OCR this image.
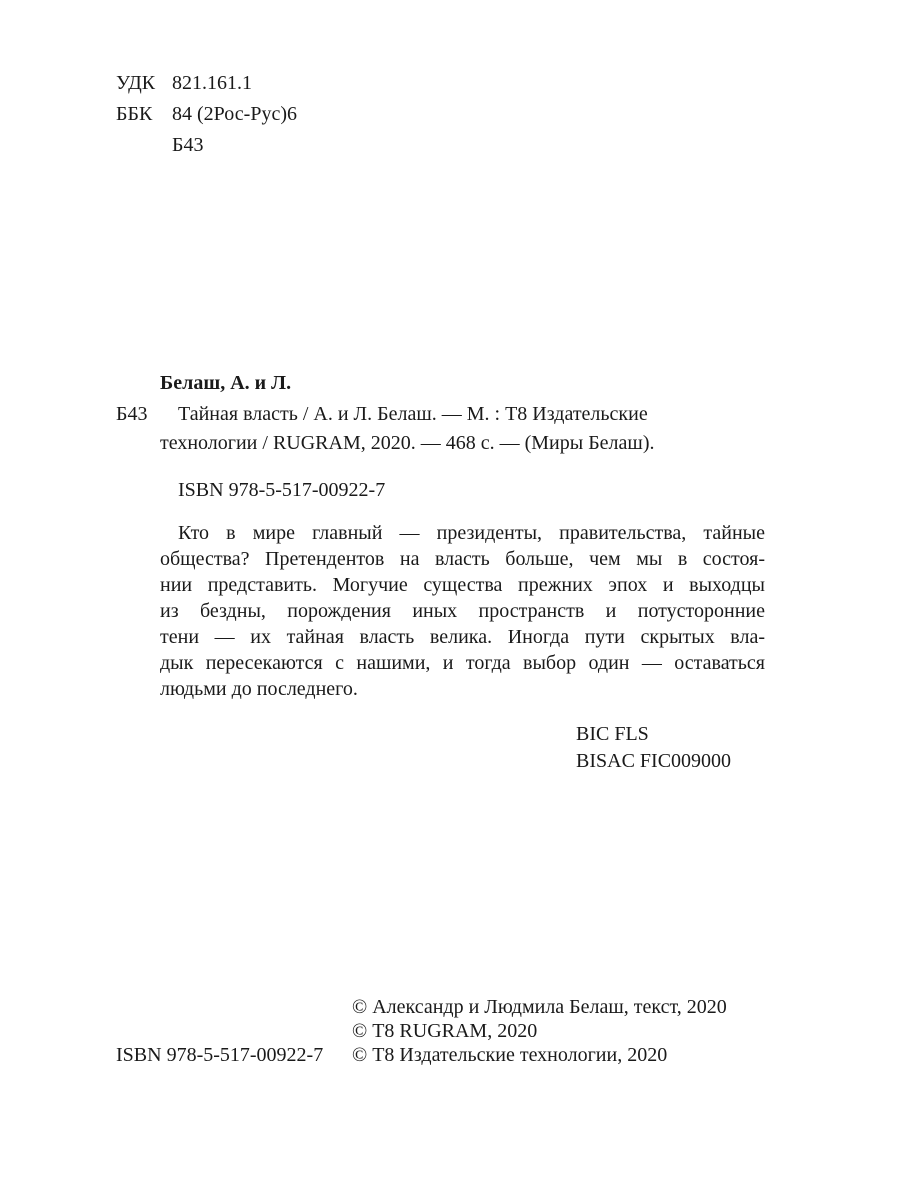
УДК 821.161.1
ББК 84 (2Рос-Рус)6
Б43
Белаш, А. и Л.
Б43 Тайная власть / А. и Л. Белаш. — М. : Т8 Издательские
технологии / RUGRAM, 2020. — 468 с. — (Миры Белаш).
ISBN 978-5-517-00922-7
Кто в мире главный — президенты, правительства, тайные
общества? Претендентов на власть больше, чем мы в состоя-
нии представить. Могучие существа прежних эпох и выходцы
из бездны, порождения иных пространств и потусторонние
тени — их тайная власть велика. Иногда пути скрытых вла-
дык пересекаются с нашими, и тогда выбор один — оставаться
людьми до последнего.
BIC FLS
BISAC FIC009000
© Александр и Людмила Белаш, текст, 2020
© Т8 RUGRAM, 2020
ISBN 978-5-517-00922-7 © Т8 Издательские технологии, 2020
